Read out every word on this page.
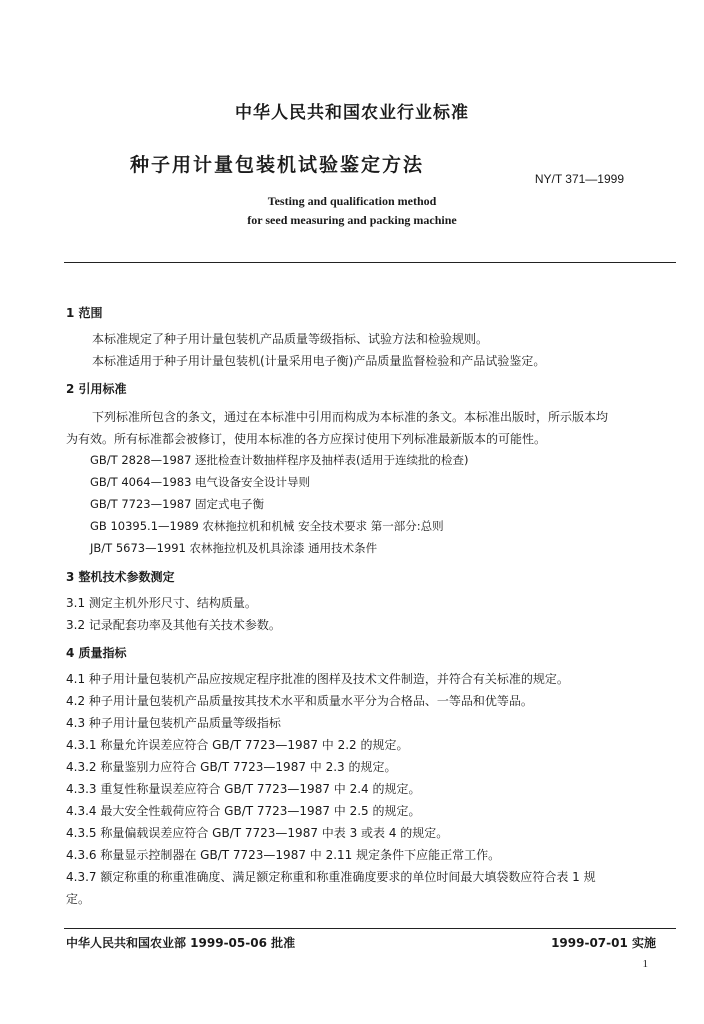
中华人民共和国农业行业标准
种子用计量包装机试验鉴定方法
NY/T 371—1999
Testing and qualification method
for seed measuring and packing machine
1 范围
本标准规定了种子用计量包装机产品质量等级指标、试验方法和检验规则。
本标准适用于种子用计量包装机(计量采用电子衡)产品质量监督检验和产品试验鉴定。
2 引用标准
下列标准所包含的条文，通过在本标准中引用而构成为本标准的条文。本标准出版时，所示版本均
为有效。所有标准都会被修订，使用本标准的各方应探讨使用下列标准最新版本的可能性。
GB/T 2828—1987 逐批检查计数抽样程序及抽样表(适用于连续批的检查)
GB/T 4064—1983 电气设备安全设计导则
GB/T 7723—1987 固定式电子衡
GB 10395.1—1989 农林拖拉机和机械 安全技术要求 第一部分:总则
JB/T 5673—1991 农林拖拉机及机具涂漆 通用技术条件
3 整机技术参数测定
3.1 测定主机外形尺寸、结构质量。
3.2 记录配套功率及其他有关技术参数。
4 质量指标
4.1 种子用计量包装机产品应按规定程序批准的图样及技术文件制造，并符合有关标准的规定。
4.2 种子用计量包装机产品质量按其技术水平和质量水平分为合格品、一等品和优等品。
4.3 种子用计量包装机产品质量等级指标
4.3.1 称量允许误差应符合 GB/T 7723—1987 中 2.2 的规定。
4.3.2 称量鉴别力应符合 GB/T 7723—1987 中 2.3 的规定。
4.3.3 重复性称量误差应符合 GB/T 7723—1987 中 2.4 的规定。
4.3.4 最大安全性载荷应符合 GB/T 7723—1987 中 2.5 的规定。
4.3.5 称量偏载误差应符合 GB/T 7723—1987 中表 3 或表 4 的规定。
4.3.6 称量显示控制器在 GB/T 7723—1987 中 2.11 规定条件下应能正常工作。
4.3.7 额定称重的称重准确度、满足额定称重和称重准确度要求的单位时间最大填袋数应符合表 1 规
定。
中华人民共和国农业部 1999-05-06 批准	1999-07-01 实施
1
